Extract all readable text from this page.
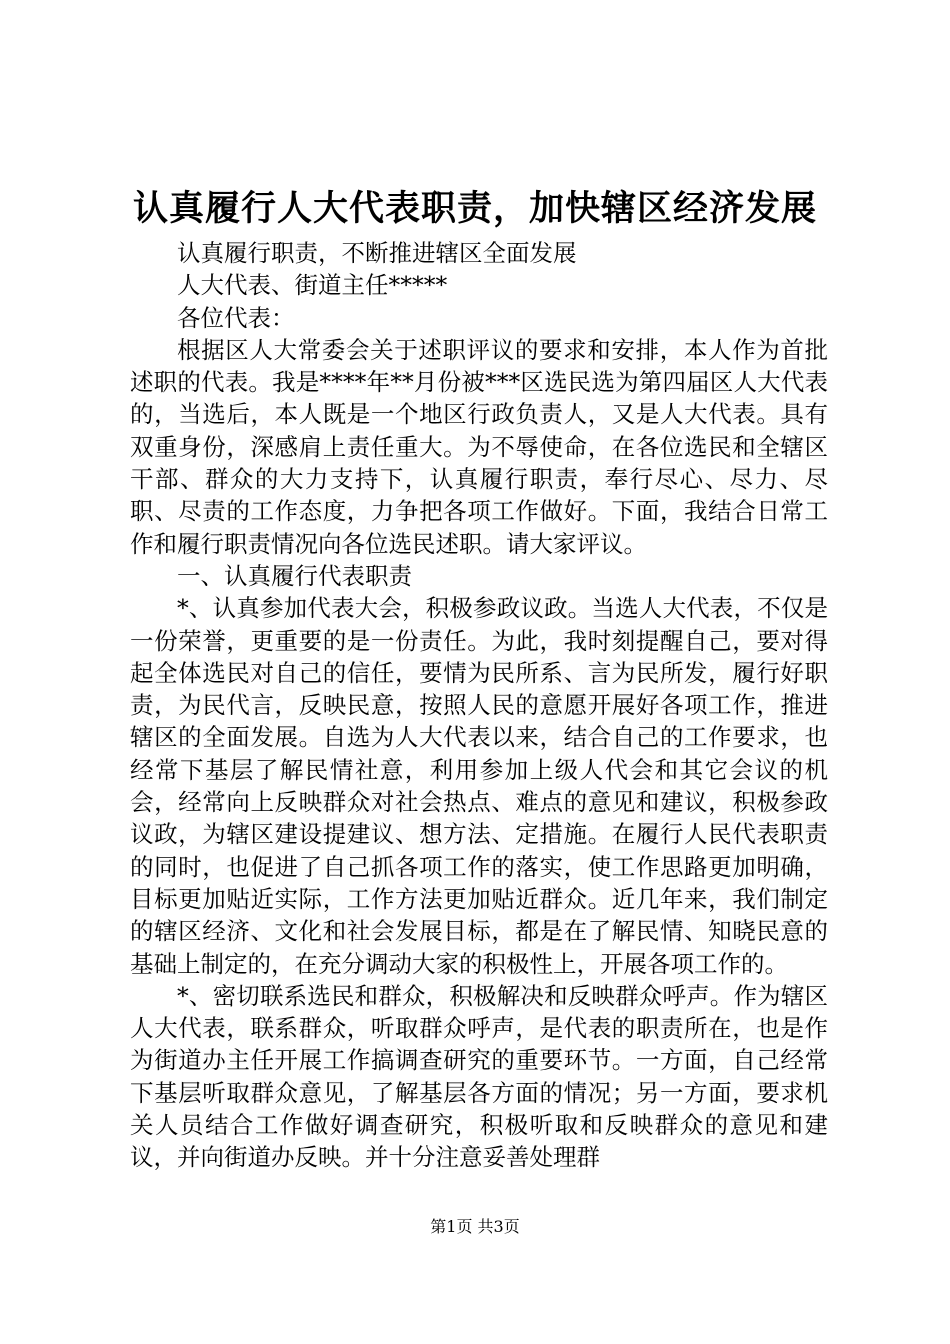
认真履行人大代表职责，加快辖区经济发展

认真履行职责，不断推进辖区全面发展

人大代表、街道主任*****

各位代表：

根据区人大常委会关于述职评议的要求和安排，本人作为首批述职的代表。我是****年**月份被***区选民选为第四届区人大代表的，当选后，本人既是一个地区行政负责人，又是人大代表。具有双重身份，深感肩上责任重大。为不辱使命，在各位选民和全辖区干部、群众的大力支持下，认真履行职责，奉行尽心、尽力、尽职、尽责的工作态度，力争把各项工作做好。下面，我结合日常工作和履行职责情况向各位选民述职。请大家评议。

一、认真履行代表职责

*、认真参加代表大会，积极参政议政。当选人大代表，不仅是一份荣誉，更重要的是一份责任。为此，我时刻提醒自己，要对得起全体选民对自己的信任，要情为民所系、言为民所发，履行好职责，为民代言，反映民意，按照人民的意愿开展好各项工作，推进辖区的全面发展。自选为人大代表以来，结合自己的工作要求，也经常下基层了解民情社意，利用参加上级人代会和其它会议的机会，经常向上反映群众对社会热点、难点的意见和建议，积极参政议政，为辖区建设提建议、想方法、定措施。在履行人民代表职责的同时，也促进了自己抓各项工作的落实，使工作思路更加明确，目标更加贴近实际，工作方法更加贴近群众。近几年来，我们制定的辖区经济、文化和社会发展目标，都是在了解民情、知晓民意的基础上制定的，在充分调动大家的积极性上，开展各项工作的。

*、密切联系选民和群众，积极解决和反映群众呼声。作为辖区人大代表，联系群众，听取群众呼声，是代表的职责所在，也是作为街道办主任开展工作搞调查研究的重要环节。一方面，自己经常下基层听取群众意见，了解基层各方面的情况；另一方面，要求机关人员结合工作做好调查研究，积极听取和反映群众的意见和建议，并向街道办反映。并十分注意妥善处理群

第1页 共3页
